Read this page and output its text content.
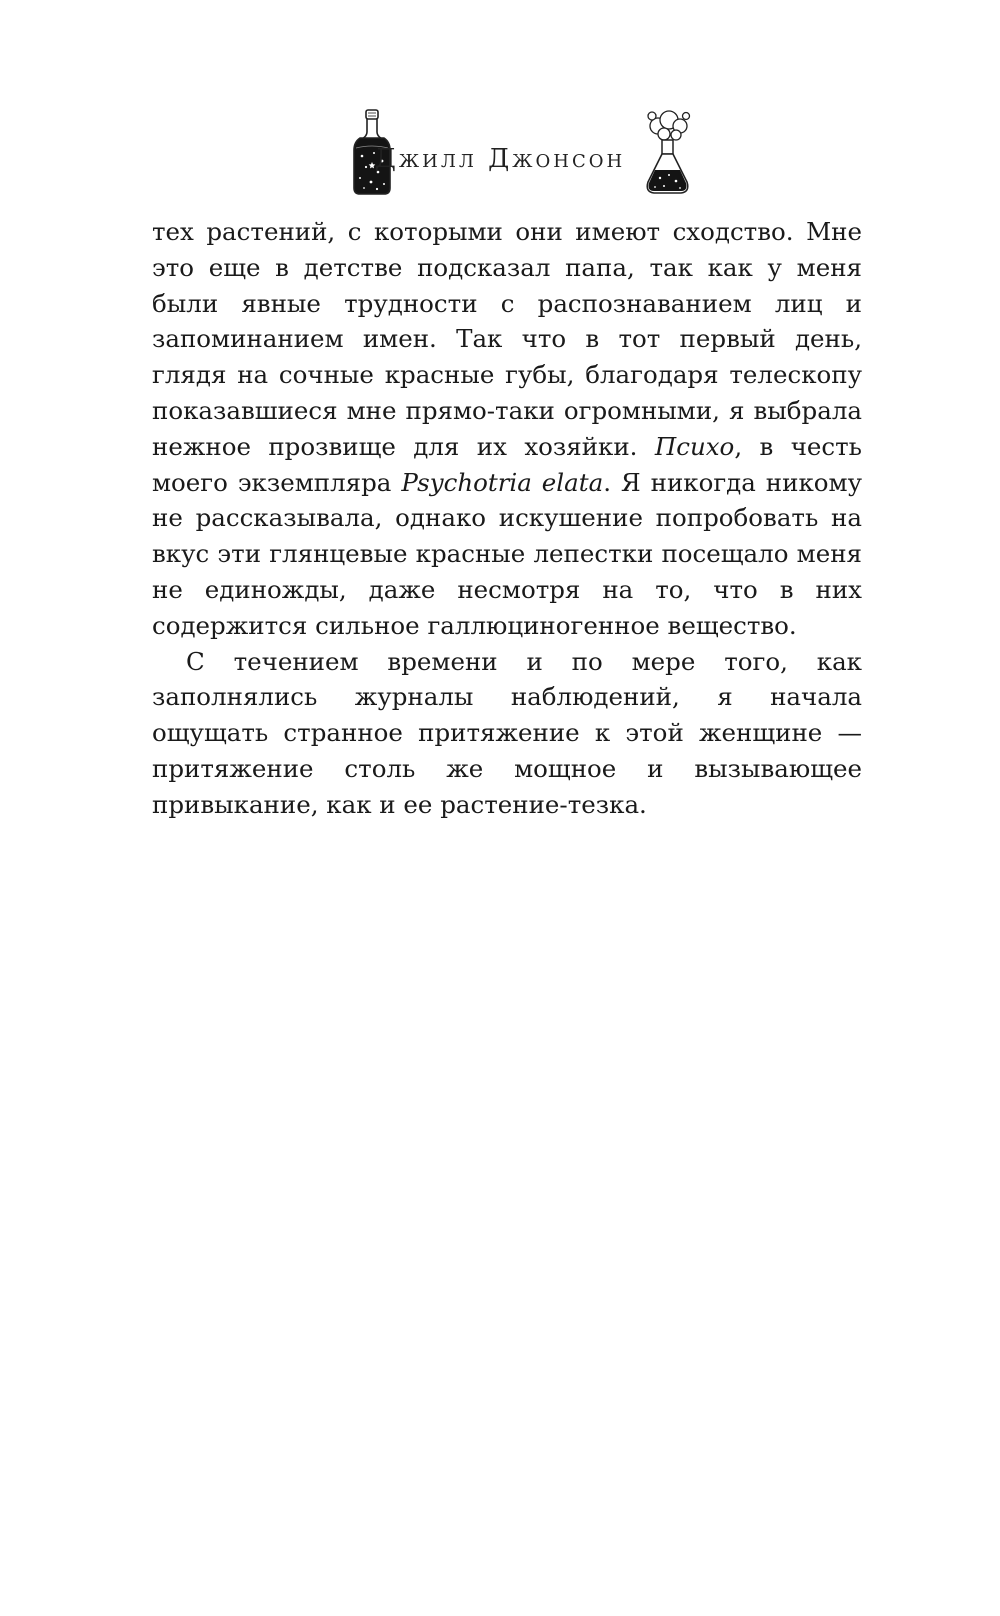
Джилл Джонсон

тех растений, с которыми они имеют сходство. Мне это еще в детстве подсказал папа, так как у меня были явные трудности с распознаванием лиц и запоминанием имен. Так что в тот первый день, глядя на сочные красные губы, благодаря телескопу показавшиеся мне прямо-таки огромными, я выбрала нежное прозвище для их хозяйки. Психо, в честь моего экземпляра Psychotria elata. Я никогда никому не рассказывала, однако искушение попробовать на вкус эти глянцевые красные лепестки посещало меня не единожды, даже несмотря на то, что в них содержится сильное галлюциногенное вещество.

С течением времени и по мере того, как заполнялись журналы наблюдений, я начала ощущать странное притяжение к этой женщине — притяжение столь же мощное и вызывающее привыкание, как и ее растение-тезка.
